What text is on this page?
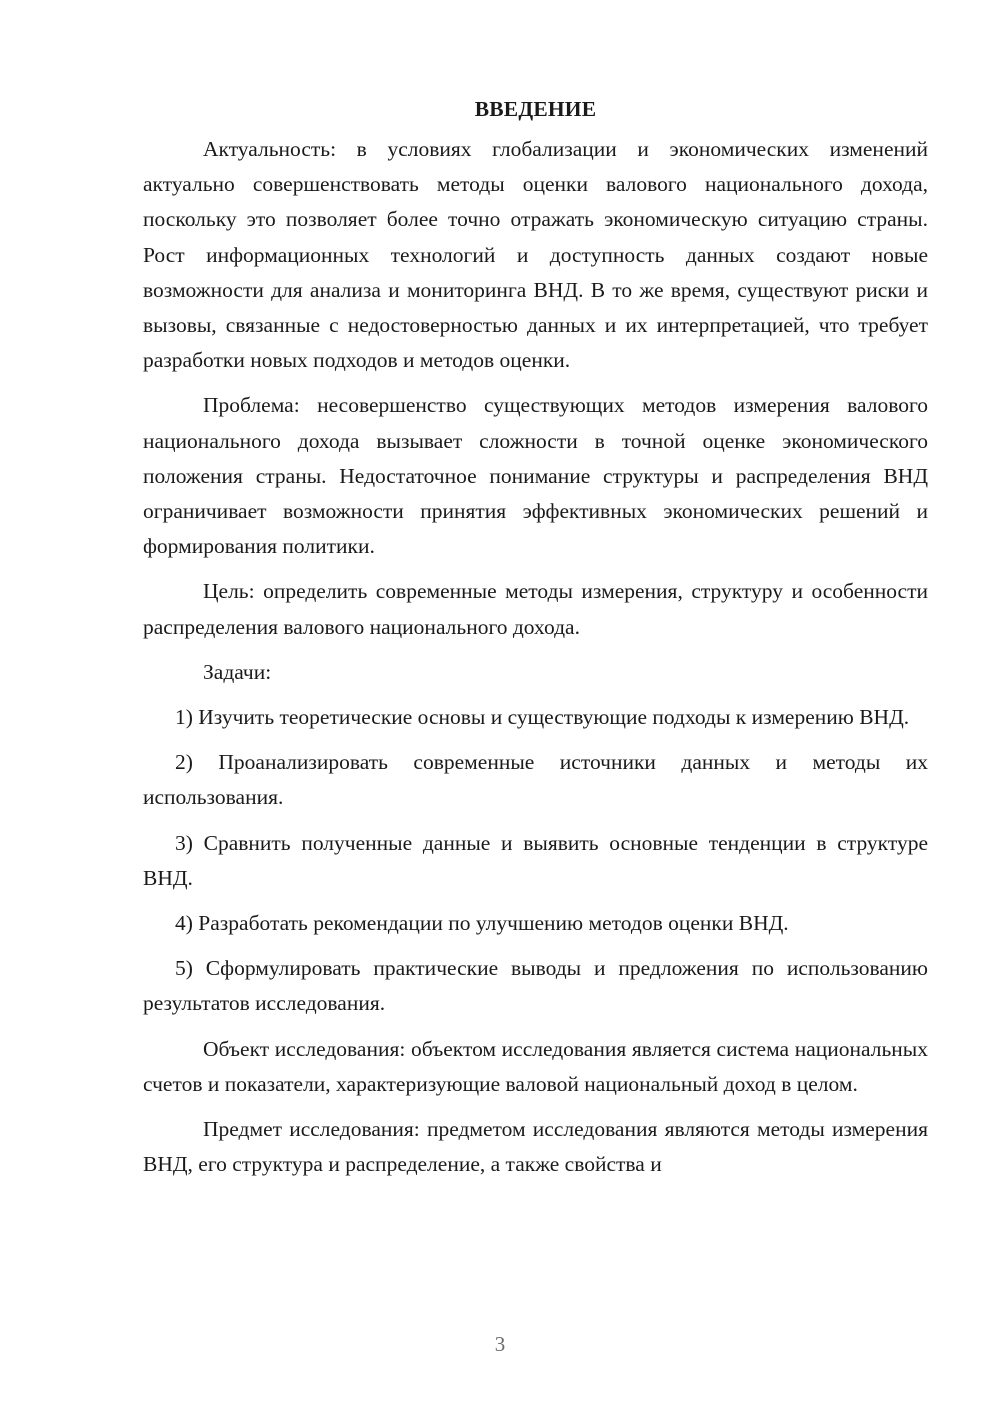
ВВЕДЕНИЕ

Актуальность: в условиях глобализации и экономических изменений актуально совершенствовать методы оценки валового национального дохода, поскольку это позволяет более точно отражать экономическую ситуацию страны. Рост информационных технологий и доступность данных создают новые возможности для анализа и мониторинга ВНД. В то же время, существуют риски и вызовы, связанные с недостоверностью данных и их интерпретацией, что требует разработки новых подходов и методов оценки.

Проблема: несовершенство существующих методов измерения валового национального дохода вызывает сложности в точной оценке экономического положения страны. Недостаточное понимание структуры и распределения ВНД ограничивает возможности принятия эффективных экономических решений и формирования политики.

Цель: определить современные методы измерения, структуру и особенности распределения валового национального дохода.

Задачи:

1) Изучить теоретические основы и существующие подходы к измерению ВНД.

2) Проанализировать современные источники данных и методы их использования.

3) Сравнить полученные данные и выявить основные тенденции в структуре ВНД.

4) Разработать рекомендации по улучшению методов оценки ВНД.

5) Сформулировать практические выводы и предложения по использованию результатов исследования.

Объект исследования: объектом исследования является система национальных счетов и показатели, характеризующие валовой национальный доход в целом.

Предмет исследования: предметом исследования являются методы измерения ВНД, его структура и распределение, а также свойства и

3
